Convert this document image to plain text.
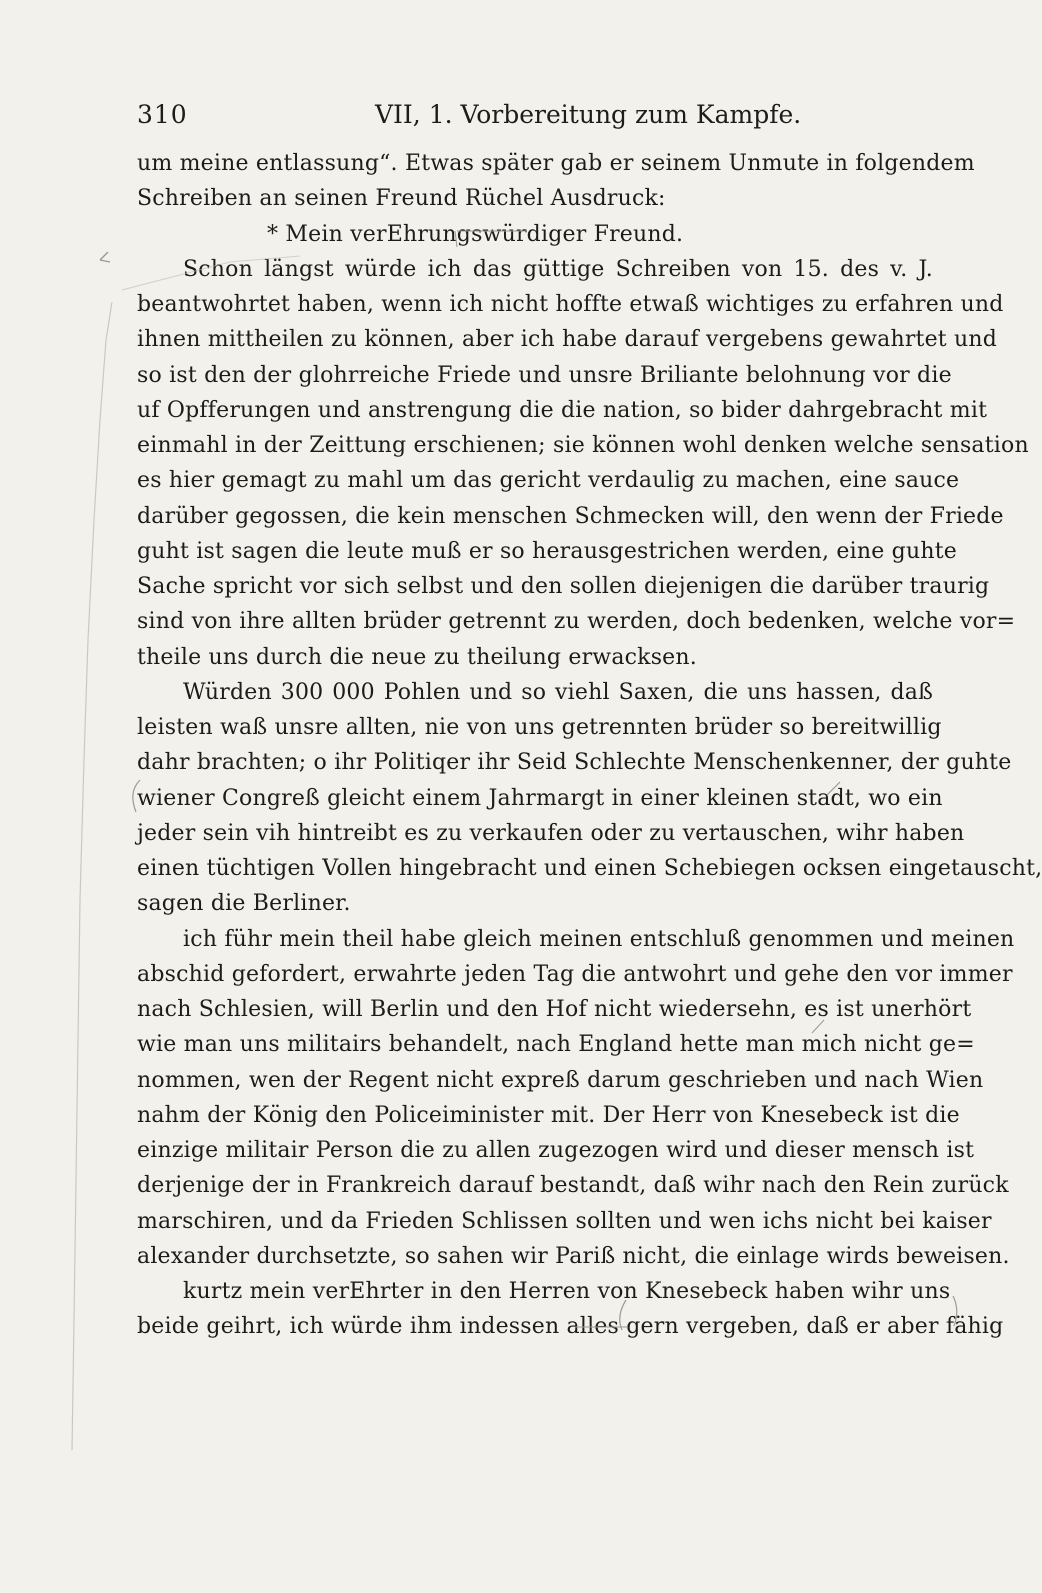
310	VII, 1. Vorbereitung zum Kampfe.
um meine entlassung“. Etwas später gab er seinem Unmute in folgendem
Schreiben an seinen Freund Rüchel Ausdruck:
* Mein verEhrungswürdiger Freund.
Schon längst würde ich das güttige Schreiben von 15. des v. J.
beantwohrtet haben, wenn ich nicht hoffte etwaß wichtiges zu erfahren und
ihnen mittheilen zu können, aber ich habe darauf vergebens gewahrtet und
so ist den der glohrreiche Friede und unsre Briliante belohnung vor die
uf Opfferungen und anstrengung die die nation, so bider dahrgebracht mit
einmahl in der Zeittung erschienen; sie können wohl denken welche sensation
es hier gemagt zu mahl um das gericht verdaulig zu machen, eine sauce
darüber gegossen, die kein menschen Schmecken will, den wenn der Friede
guht ist sagen die leute muß er so herausgestrichen werden, eine guhte
Sache spricht vor sich selbst und den sollen diejenigen die darüber traurig
sind von ihre allten brüder getrennt zu werden, doch bedenken, welche vor=
theile uns durch die neue zu theilung erwacksen.
Würden 300 000 Pohlen und so viehl Saxen, die uns hassen, daß
leisten waß unsre allten, nie von uns getrennten brüder so bereitwillig
dahr brachten; o ihr Politiqer ihr Seid Schlechte Menschenkenner, der guhte
wiener Congreß gleicht einem Jahrmargt in einer kleinen stadt, wo ein
jeder sein vih hintreibt es zu verkaufen oder zu vertauschen, wihr haben
einen tüchtigen Vollen hingebracht und einen Schebiegen ocksen eingetauscht,
sagen die Berliner.
ich führ mein theil habe gleich meinen entschluß genommen und meinen
abschid gefordert, erwahrte jeden Tag die antwohrt und gehe den vor immer
nach Schlesien, will Berlin und den Hof nicht wiedersehn, es ist unerhört
wie man uns militairs behandelt, nach England hette man mich nicht ge=
nommen, wen der Regent nicht expreß darum geschrieben und nach Wien
nahm der König den Policeiminister mit. Der Herr von Knesebeck ist die
einzige militair Person die zu allen zugezogen wird und dieser mensch ist
derjenige der in Frankreich darauf bestandt, daß wihr nach den Rein zurück
marschiren, und da Frieden Schlissen sollten und wen ichs nicht bei kaiser
alexander durchsetzte, so sahen wir Pariß nicht, die einlage wirds beweisen.
kurtz mein verEhrter in den Herren von Knesebeck haben wihr uns
beide geihrt, ich würde ihm indessen alles gern vergeben, daß er aber fähig
